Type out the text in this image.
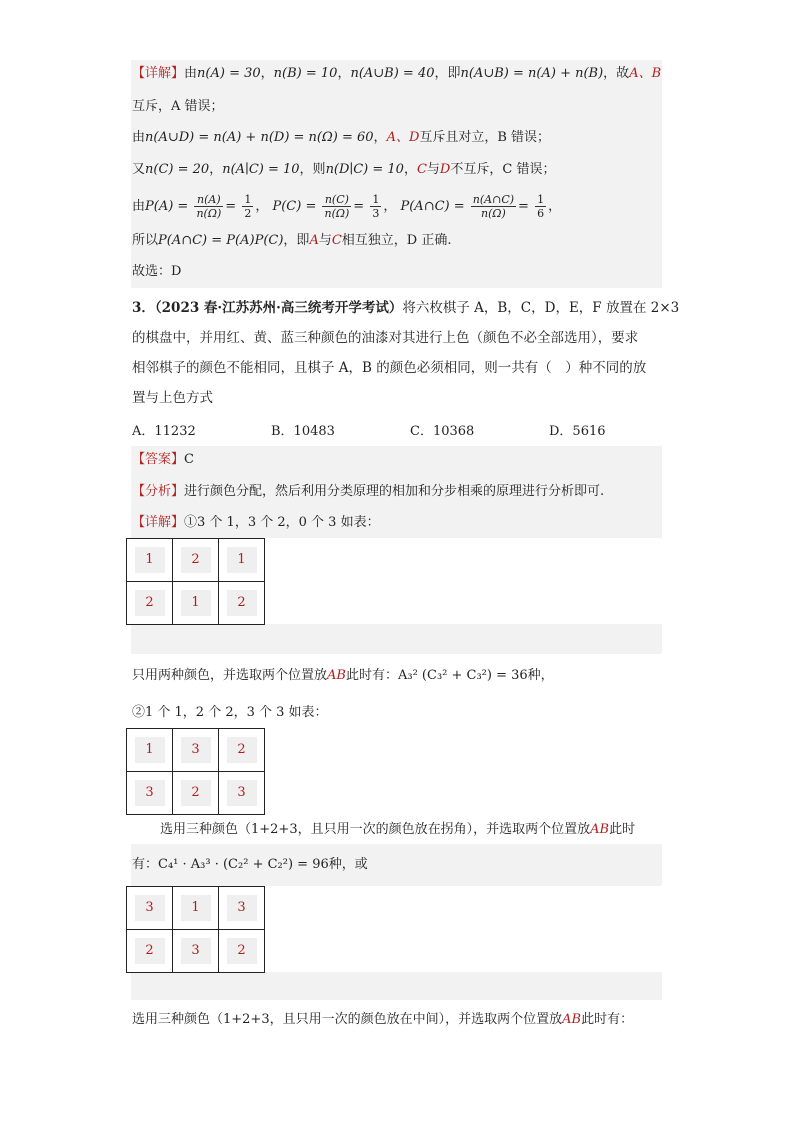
【详解】由n(A) = 30，n(B) = 10，n(A∪B) = 40，即n(A∪B) = n(A) + n(B)，故A、B
互斥，A 错误；
由n(A∪D) = n(A) + n(D) = n(Ω) = 60，A、D互斥且对立，B 错误；
又n(C) = 20，n(A∣C) = 10，则n(D∣C) = 10，C与D不互斥，C 错误；
由$P(A) = \frac{n(A)}{n(\Omega)} = \frac{1}{2}$ ， $P(C) = \frac{n(C)}{n(\Omega)} = \frac{1}{3}$ ， P(A∩C) = $\frac{n(A\cap C)}{n(\Omega)} = \frac{1}{6}$ ，
所以P(A∩C) = P(A)P(C)，即A与C相互独立，D 正确.
故选：D
3．（2023 春·江苏苏州·高三统考开学考试）将六枚棋子 A，B，C，D，E，F 放置在 2×3
的棋盘中，并用红、黄、蓝三种颜色的油漆对其进行上色（颜色不必全部选用），要求
相邻棋子的颜色不能相同，且棋子 A，B 的颜色必须相同，则一共有（　）种不同的放
置与上色方式
A．11232	B．10483	C．10368	D．5616
【答案】C
【分析】进行颜色分配，然后利用分类原理的相加和分步相乘的原理进行分析即可.
【详解】①3 个 1，3 个 2，0 个 3 如表：
1	2	1
2	1	2
只用两种颜色，并选取两个位置放AB此时有：A₃² (C₃² + C₃²) = 36种，
②1 个 1，2 个 2，3 个 3 如表：
1	3	2
3	2	3
选用三种颜色（1+2+3，且只用一次的颜色放在拐角），并选取两个位置放AB此时
有：C₄¹ · A₃³ · (C₂² + C₂²) = 96种，或
3	1	3
2	3	2
选用三种颜色（1+2+3，且只用一次的颜色放在中间），并选取两个位置放AB此时有：
